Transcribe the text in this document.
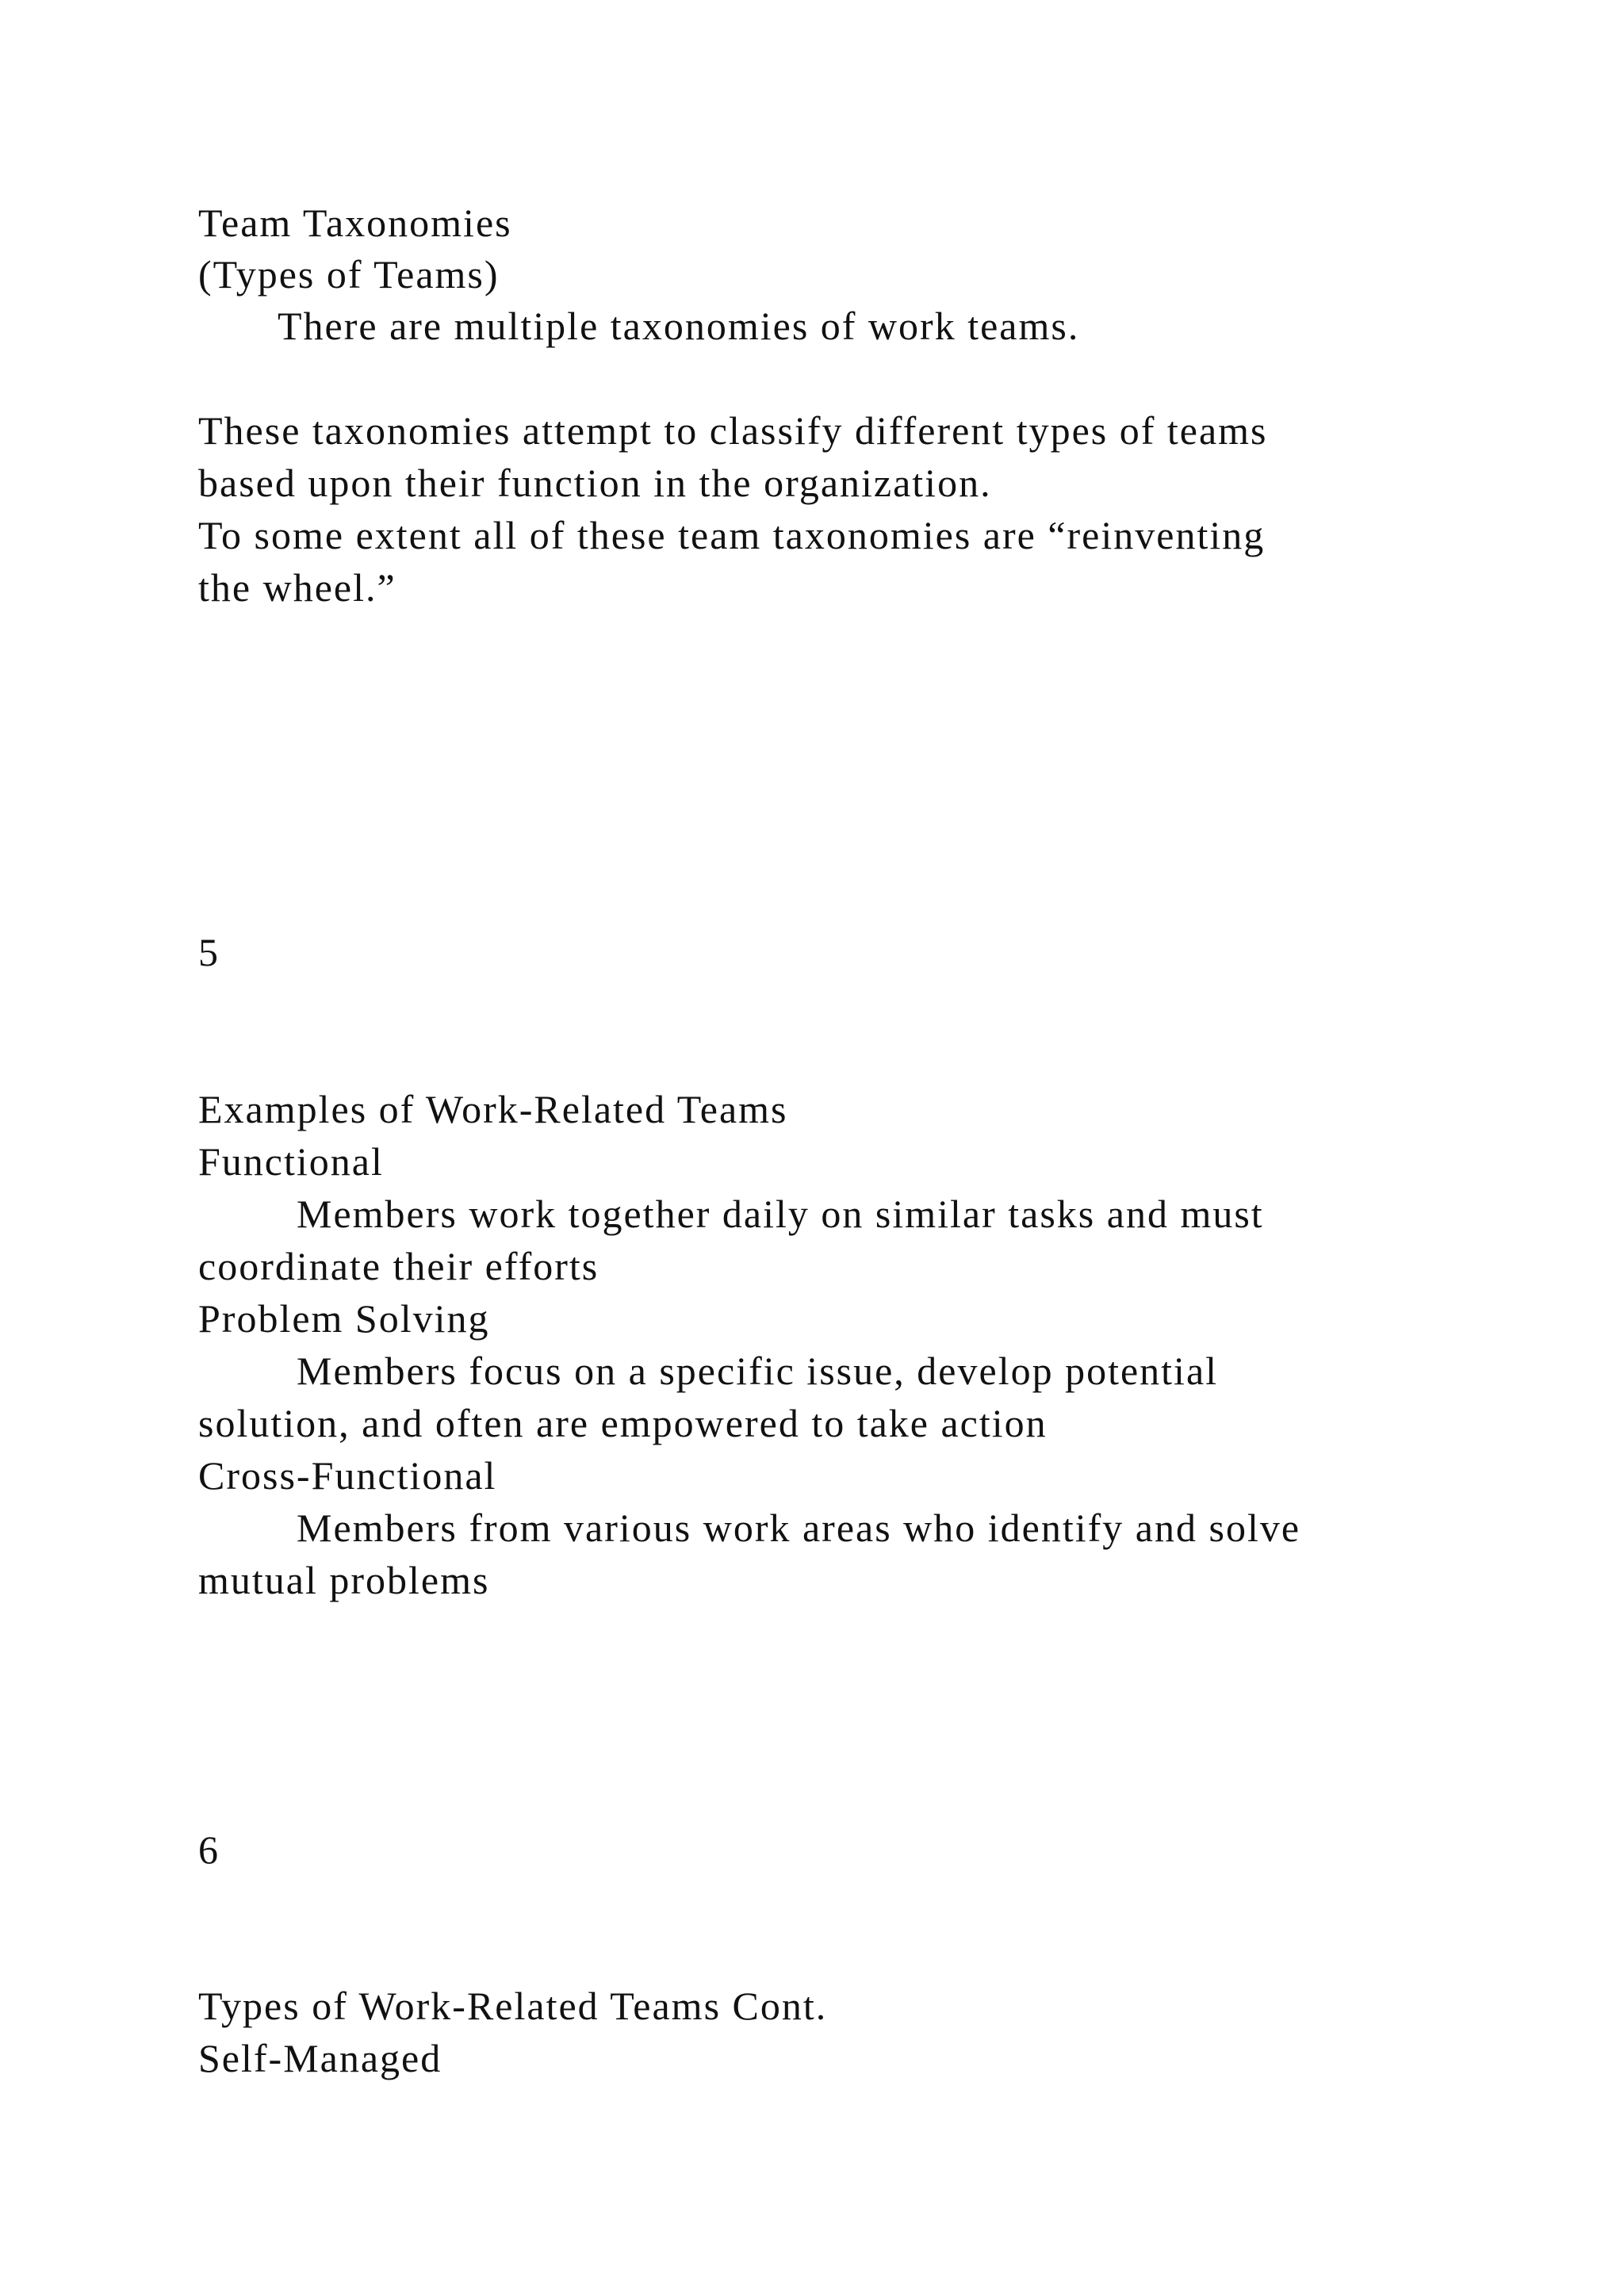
Team Taxonomies
(Types of Teams)
There are multiple taxonomies of work teams.
These taxonomies attempt to classify different types of teams
based upon their function in the organization.
To some extent all of these team taxonomies are “reinventing
the wheel.”
5
Examples of Work-Related Teams
Functional
Members work together daily on similar tasks and must
coordinate their efforts
Problem Solving
Members focus on a specific issue, develop potential
solution, and often are empowered to take action
Cross-Functional
Members from various work areas who identify and solve
mutual problems
6
Types of Work-Related Teams Cont.
Self-Managed
